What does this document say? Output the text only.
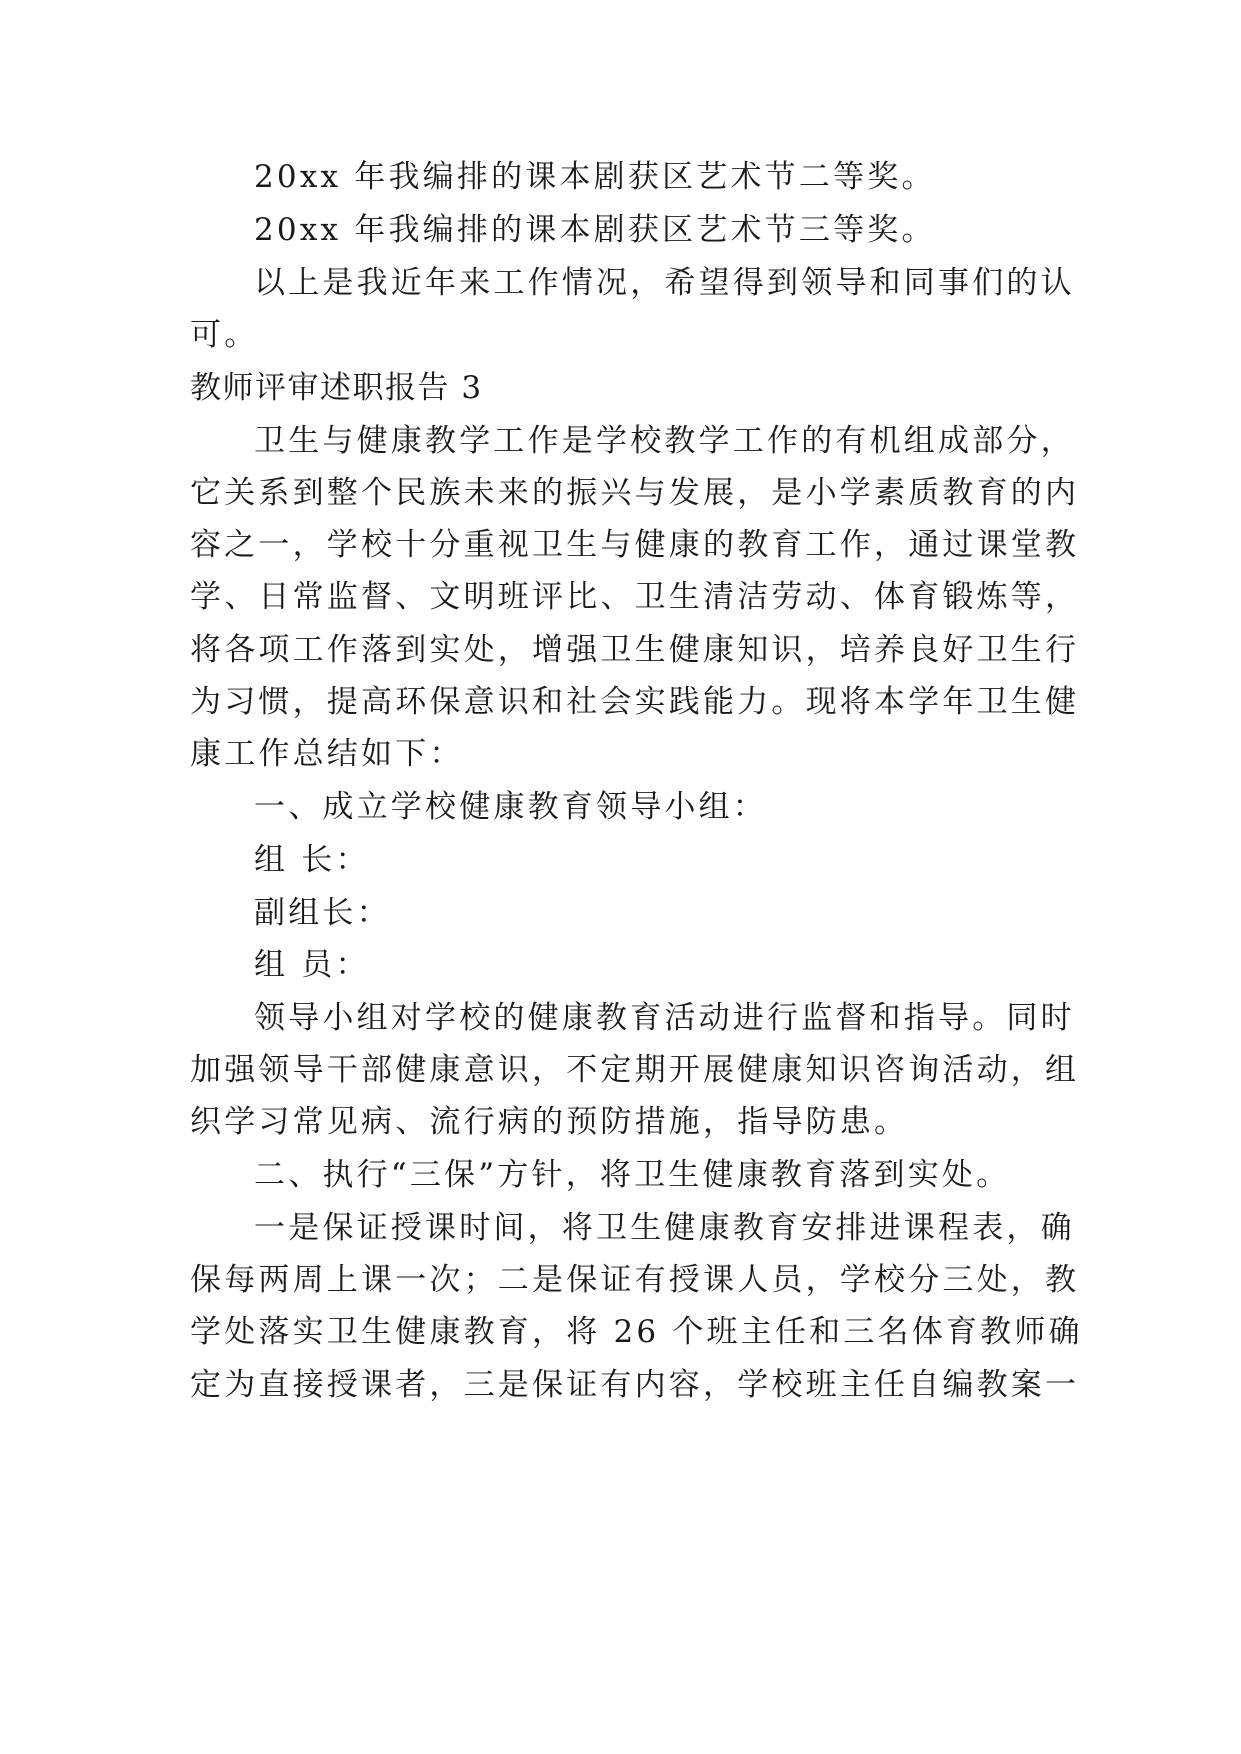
20xx 年我编排的课本剧获区艺术节二等奖。
20xx 年我编排的课本剧获区艺术节三等奖。
以上是我近年来工作情况，希望得到领导和同事们的认
可。
教师评审述职报告 3
卫生与健康教学工作是学校教学工作的有机组成部分，
它关系到整个民族未来的振兴与发展，是小学素质教育的内
容之一，学校十分重视卫生与健康的教育工作，通过课堂教
学、日常监督、文明班评比、卫生清洁劳动、体育锻炼等，
将各项工作落到实处，增强卫生健康知识，培养良好卫生行
为习惯，提高环保意识和社会实践能力。现将本学年卫生健
康工作总结如下：
一、成立学校健康教育领导小组：
组 长：
副组长：
组 员：
领导小组对学校的健康教育活动进行监督和指导。同时
加强领导干部健康意识，不定期开展健康知识咨询活动，组
织学习常见病、流行病的预防措施，指导防患。
二、执行“三保”方针，将卫生健康教育落到实处。
一是保证授课时间，将卫生健康教育安排进课程表，确
保每两周上课一次；二是保证有授课人员，学校分三处，教
学处落实卫生健康教育，将 26 个班主任和三名体育教师确
定为直接授课者，三是保证有内容，学校班主任自编教案一
